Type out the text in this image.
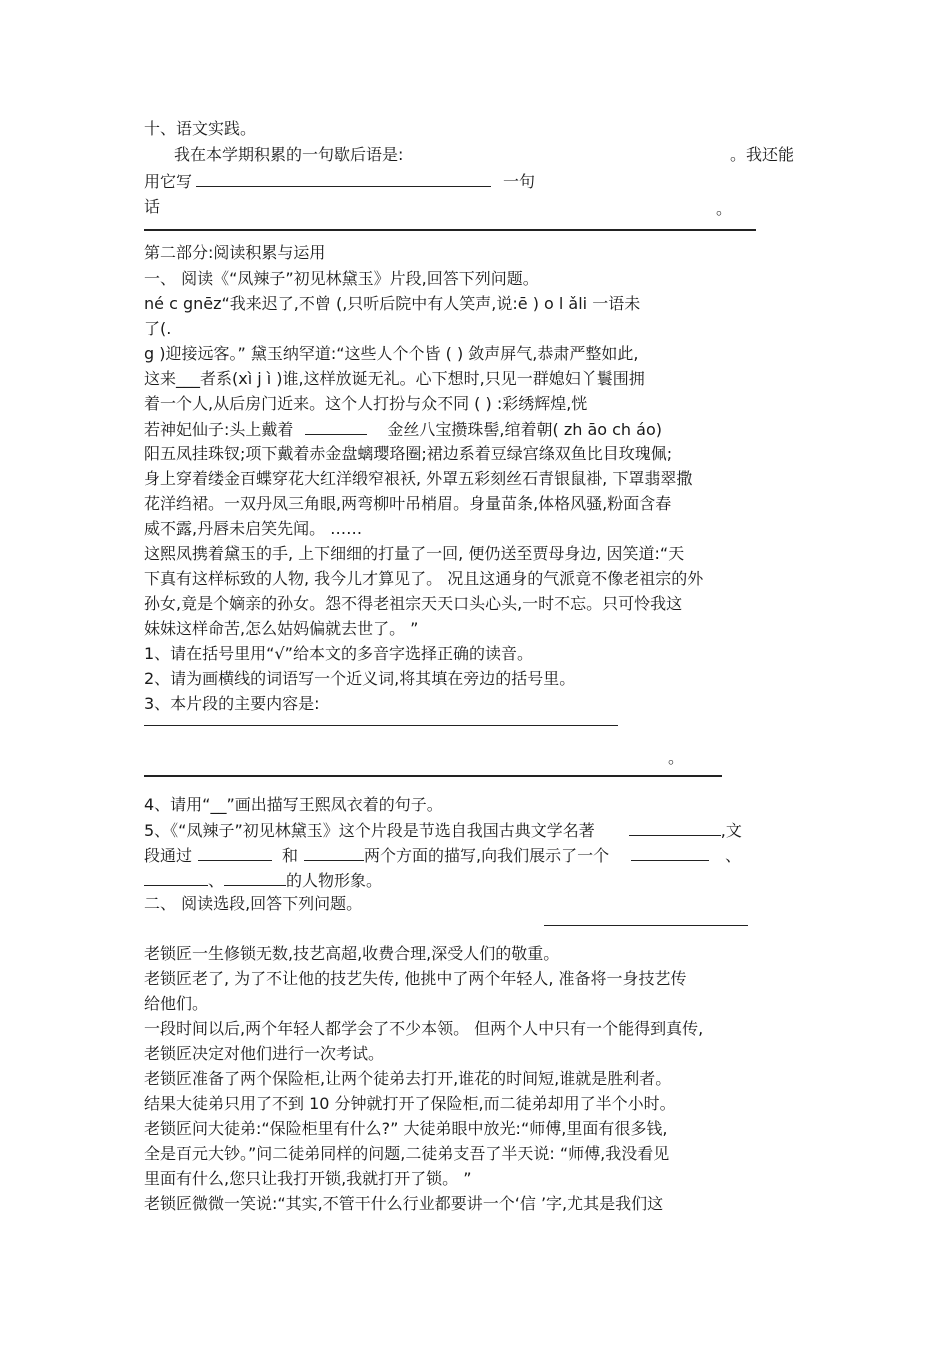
十、语文实践。
我在本学期积累的一句歇后语是:	。我还能
用它写	一句
话	。
第二部分:阅读积累与运用
一、 阅读《“凤辣子”初见林黛玉》片段,回答下列问题。
né c gnēz“我来迟了,不曾 (,只听后院中有人笑声,说:ē ) o l ǎli 一语未
了(.
g )迎接远客。” 黛玉纳罕道:“这些人个个皆 ( ) 敛声屏气,恭肃严整如此,
这来___者系(xì j ì )谁,这样放诞无礼。心下想时,只见一群媳妇丫鬟围拥
着一个人,从后房门近来。这个人打扮与众不同 ( ) :彩绣辉煌,恍
若神妃仙子:头上戴着	金丝八宝攒珠髻,绾着朝( zh āo ch áo)
阳五凤挂珠钗;项下戴着赤金盘螭璎珞圈;裙边系着豆绿宫绦双鱼比目玫瑰佩;
身上穿着缕金百蝶穿花大红洋缎窄裉袄, 外罩五彩刻丝石青银鼠褂, 下罩翡翠撒
花洋绉裙。一双丹凤三角眼,两弯柳叶吊梢眉。身量苗条,体格风骚,粉面含春
威不露,丹唇未启笑先闻。 ……
这熙凤携着黛玉的手, 上下细细的打量了一回, 便仍送至贾母身边, 因笑道:“天
下真有这样标致的人物, 我今儿才算见了。 况且这通身的气派竟不像老祖宗的外
孙女,竟是个嫡亲的孙女。怨不得老祖宗天天口头心头,一时不忘。只可怜我这
妹妹这样命苦,怎么姑妈偏就去世了。 ”
1、请在括号里用“√”给本文的多音字选择正确的读音。
2、请为画横线的词语写一个近义词,将其填在旁边的括号里。
3、本片段的主要内容是:
。
4、请用“__”画出描写王熙凤衣着的句子。
5、《“凤辣子”初见林黛玉》这个片段是节选自我国古典文学名著	,文
段通过	和	两个方面的描写,向我们展示了一个	、
、	的人物形象。
二、 阅读选段,回答下列问题。
老锁匠一生修锁无数,技艺高超,收费合理,深受人们的敬重。
老锁匠老了, 为了不让他的技艺失传, 他挑中了两个年轻人, 准备将一身技艺传
给他们。
一段时间以后,两个年轻人都学会了不少本领。 但两个人中只有一个能得到真传,
老锁匠决定对他们进行一次考试。
老锁匠准备了两个保险柜,让两个徒弟去打开,谁花的时间短,谁就是胜利者。
结果大徒弟只用了不到 10 分钟就打开了保险柜,而二徒弟却用了半个小时。
老锁匠问大徒弟:“保险柜里有什么?” 大徒弟眼中放光:“师傅,里面有很多钱,
全是百元大钞。”问二徒弟同样的问题,二徒弟支吾了半天说: “师傅,我没看见
里面有什么,您只让我打开锁,我就打开了锁。 ”
老锁匠微微一笑说:“其实,不管干什么行业都要讲一个‘信 ’字,尤其是我们这
